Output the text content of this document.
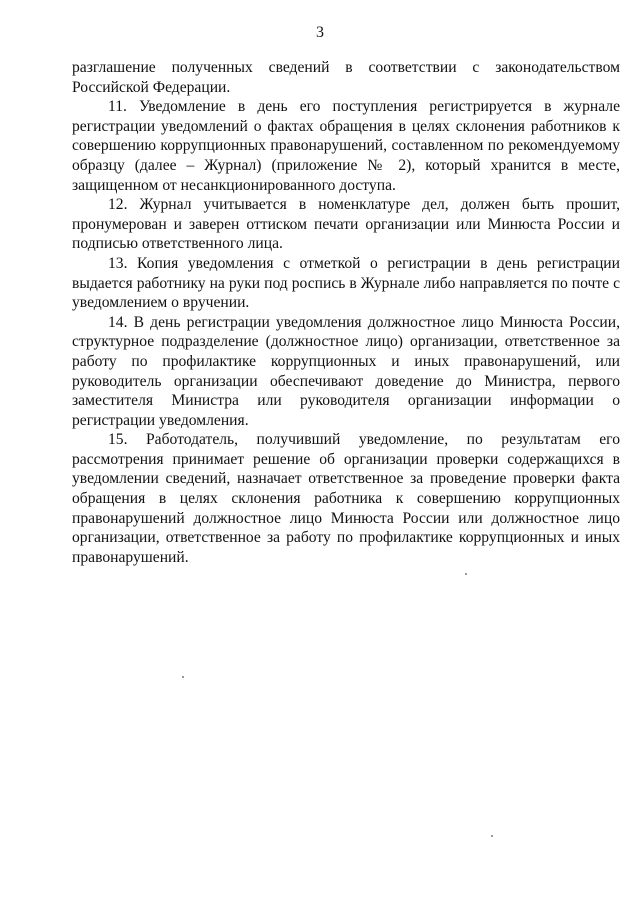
3

разглашение полученных сведений в соответствии с законодательством Российской Федерации.

11. Уведомление в день его поступления регистрируется в журнале регистрации уведомлений о фактах обращения в целях склонения работников к совершению коррупционных правонарушений, составленном по рекомендуемому образцу (далее – Журнал) (приложение № 2), который хранится в месте, защищенном от несанкционированного доступа.

12. Журнал учитывается в номенклатуре дел, должен быть прошит, пронумерован и заверен оттиском печати организации или Минюста России и подписью ответственного лица.

13. Копия уведомления с отметкой о регистрации в день регистрации выдается работнику на руки под роспись в Журнале либо направляется по почте с уведомлением о вручении.

14. В день регистрации уведомления должностное лицо Минюста России, структурное подразделение (должностное лицо) организации, ответственное за работу по профилактике коррупционных и иных правонарушений, или руководитель организации обеспечивают доведение до Министра, первого заместителя Министра или руководителя организации информации о регистрации уведомления.

15. Работодатель, получивший уведомление, по результатам его рассмотрения принимает решение об организации проверки содержащихся в уведомлении сведений, назначает ответственное за проведение проверки факта обращения в целях склонения работника к совершению коррупционных правонарушений должностное лицо Минюста России или должностное лицо организации, ответственное за работу по профилактике коррупционных и иных правонарушений.
